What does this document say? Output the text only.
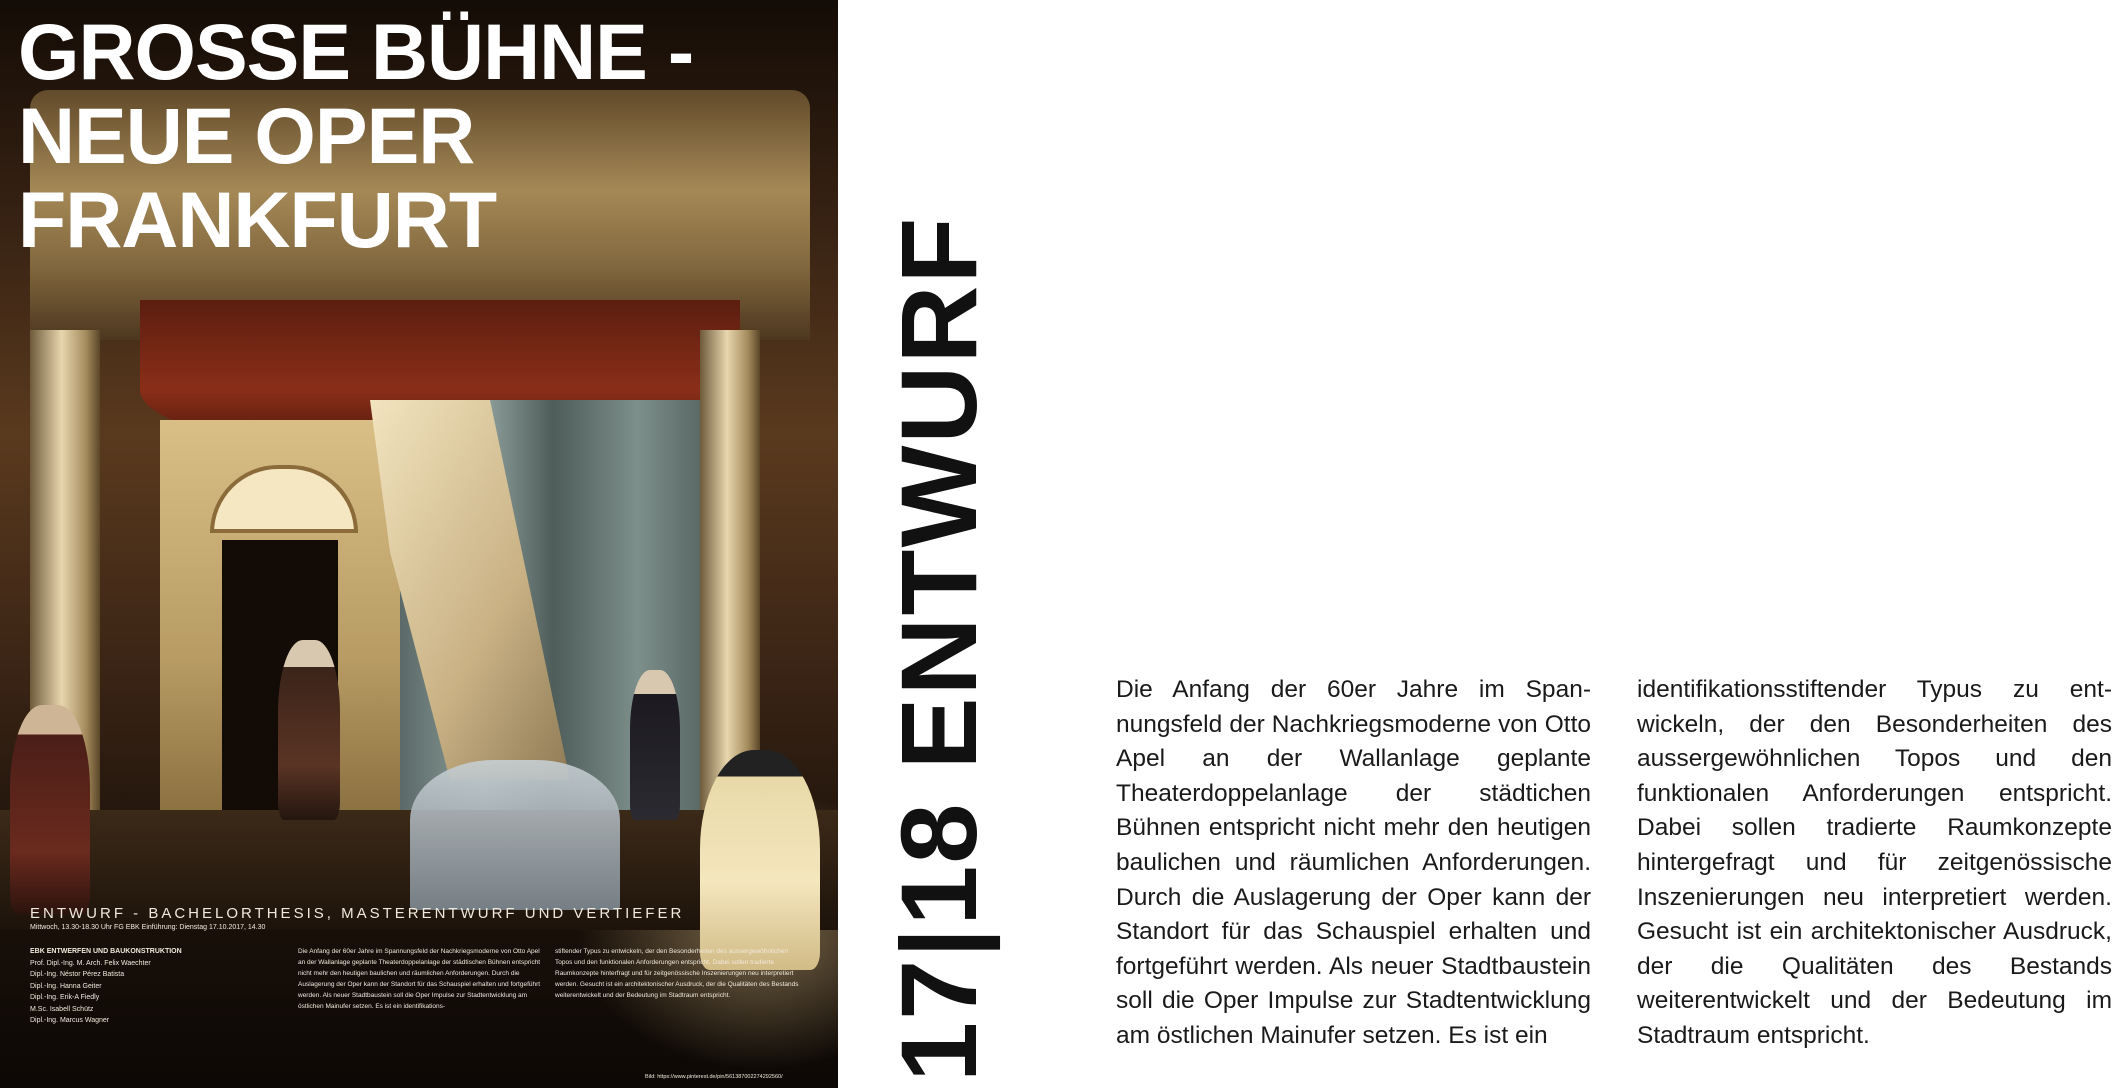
GROSSE BÜHNE -
NEUE OPER
FRANKFURT
ENTWURF - BACHELORTHESIS, MASTERENTWURF UND VERTIEFER
Mittwoch, 13.30-18.30 Uhr FG EBK Einführung: Dienstag 17.10.2017, 14.30
EBK ENTWERFEN UND BAUKONSTRUKTION
Prof. Dipl.-Ing. M. Arch. Felix Waechter
Dipl.-Ing. Néstor Pérez Batista
Dipl.-Ing. Hanna Geiter
Dipl.-Ing. Erik-A Fiedly
M.Sc. Isabell Schütz
Dipl.-Ing. Marcus Wagner
Die Anfang der 60er Jahre im Spannungsfeld der Nachkriegsmoderne von Otto Apel an der Wallanlage geplante Theaterdoppelanlage der städtischen Bühnen entspricht nicht mehr den heutigen baulichen und räumlichen Anforderungen. Durch die Auslagerung der Oper kann der Standort für das Schauspiel erhalten und fortgeführt werden. Als neuer Stadtbaustein soll die Oper Impulse zur Stadtentwicklung am östlichen Mainufer setzen. Es ist ein identifikations-
stiftender Typus zu entwickeln, der den Besonderheiten des aussergewöhnlichen Topos und den funktionalen Anforderungen entspricht. Dabei sollen tradierte Raumkonzepte hinterfragt und für zeitgenössische Inszenierungen neu interpretiert werden. Gesucht ist ein architektonischer Ausdruck, der die Qualitäten des Bestands weiterentwickelt und der Bedeutung im Stadtraum entspricht.
Bild: https://www.pinterest.de/pin/561387002274292560/ 17|18 ENTWURF	Die Anfang der 60er Jahre im Spannungsfeld der Nachkriegsmoderne von Otto Apel an der Wallanlage geplante Theaterdoppelanlage der städtichen Bühnen entspricht nicht mehr den heutigen baulichen und räumlichen Anforderungen. Durch die Auslagerung der Oper kann der Standort für das Schauspiel erhalten und fortgeführt werden. Als neuer Stadtbaustein soll die Oper Impulse zur Stadtentwicklung am östlichen Mainufer setzen. Es ist ein
identifikationsstiftender Typus zu entwickeln, der den Besonderheiten des aussergewöhnlichen Topos und den funktionalen Anforderungen entspricht. Dabei sollen tradierte Raumkonzepte hintergefragt und für zeitgenössische Inszenierungen neu interpretiert werden. Gesucht ist ein architektonischer Ausdruck, der die Qualitäten des Bestands weiterentwickelt und der Bedeutung im Stadtraum entspricht.
